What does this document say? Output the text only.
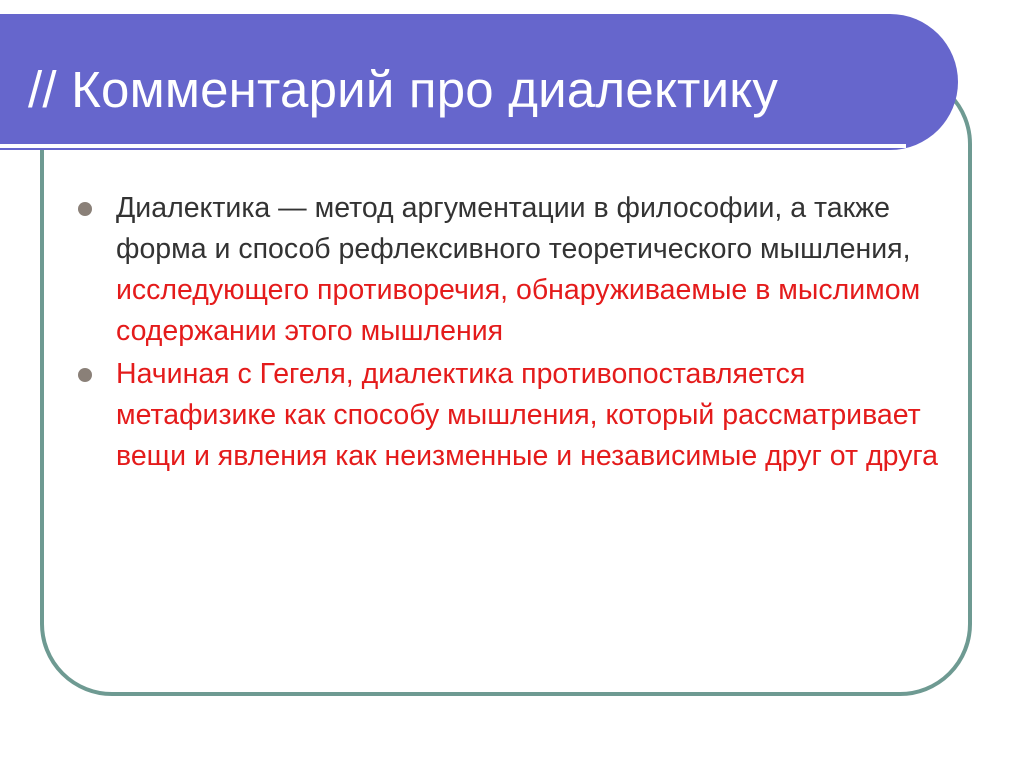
// Комментарий про диалектику
Диалектика — метод аргументации в философии, а также форма и способ рефлексивного теоретического мышления, исследующего противоречия, обнаруживаемые в мыслимом содержании этого мышления
Начиная с Гегеля, диалектика противопоставляется метафизике как способу мышления, который рассматривает вещи и явления как неизменные и независимые друг от друга
